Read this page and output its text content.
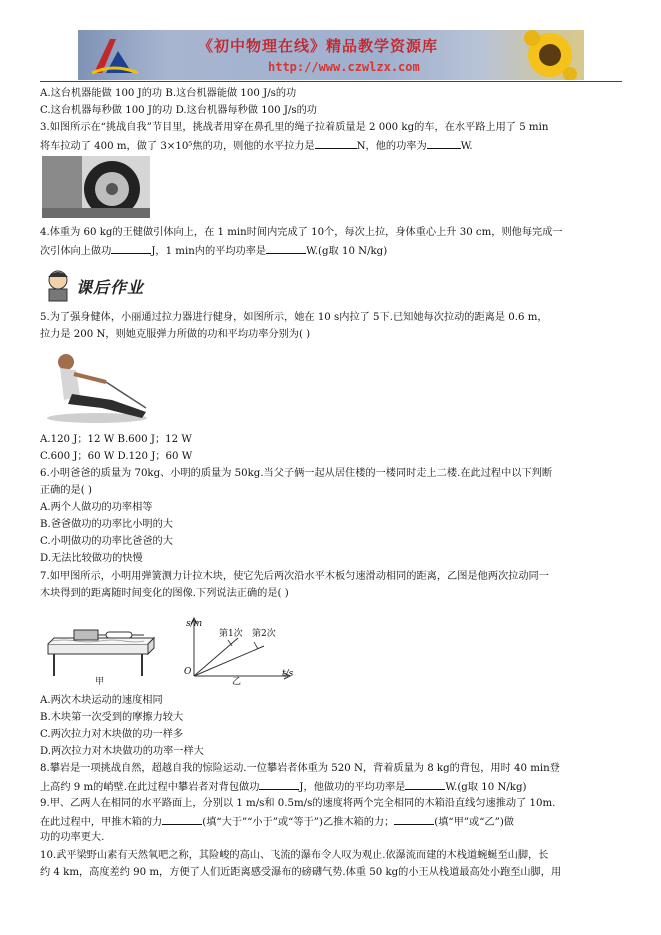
《初中物理在线》精品教学资源库
http://www.czwlzx.com
A.这台机器能做 100 J的功 B.这台机器能做 100 J/s的功
C.这台机器每秒做 100 J的功 D.这台机器每秒做 100 J/s的功
3.如图所示在“挑战自我”节目里，挑战者用穿在鼻孔里的绳子拉着质量是 2 000 kg的车，在水平路上用了 5 min
将车拉动了 400 m，做了 3×10⁵焦的功，则他的水平拉力是	N，他的功率为	W.
4.体重为 60 kg的王健做引体向上，在 1 min时间内完成了 10个，每次上拉，身体重心上升 30 cm，则他每完成一
次引体向上做功	J，1 min内的平均功率是	W.(g取 10 N/kg)
课后作业
5.为了强身健体，小丽通过拉力器进行健身，如图所示，她在 10 s内拉了 5下.已知她每次拉动的距离是 0.6 m，
拉力是 200 N，则她克服弹力所做的功和平均功率分别为( )
A.120 J；12 W B.600 J；12 W
C.600 J；60 W D.120 J；60 W
6.小明爸爸的质量为 70kg、小明的质量为 50kg.当父子俩一起从居住楼的一楼同时走上二楼.在此过程中以下判断
正确的是( )
A.两个人做功的功率相等
B.爸爸做功的功率比小明的大
C.小明做功的功率比爸爸的大
D.无法比较做功的快慢
7.如甲图所示，小明用弹簧测力计拉木块，使它先后两次沿水平木板匀速滑动相同的距离，乙图是他两次拉动同一
木块得到的距离随时间变化的图像.下列说法正确的是( )
甲
s/m
第1次 第2次
O	t/s
乙
A.两次木块运动的速度相同
B.木块第一次受到的摩擦力较大
C.两次拉力对木块做的功一样多
D.两次拉力对木块做功的功率一样大
8.攀岩是一项挑战自然，超越自我的惊险运动.一位攀岩者体重为 520 N，背着质量为 8 kg的背包，用时 40 min登
上高约 9 m的峭壁.在此过程中攀岩者对背包做功	J，他做功的平均功率是	W.(g取 10 N/kg)
9.甲、乙两人在相同的水平路面上，分别以 1 m/s和 0.5m/s的速度将两个完全相同的木箱沿直线匀速推动了 10m.
在此过程中，甲推木箱的力	(填“大于”“小于”或“等于”)乙推木箱的力；	(填“甲”或“乙”)做
功的功率更大.
10.武平梁野山素有天然氧吧之称，其险峻的高山、飞流的瀑布令人叹为观止.依瀑流而建的木栈道蜿蜒至山脚，长
约 4 km，高度差约 90 m，方便了人们近距离感受瀑布的磅礴气势.体重 50 kg的小王从栈道最高处小跑至山脚，用
